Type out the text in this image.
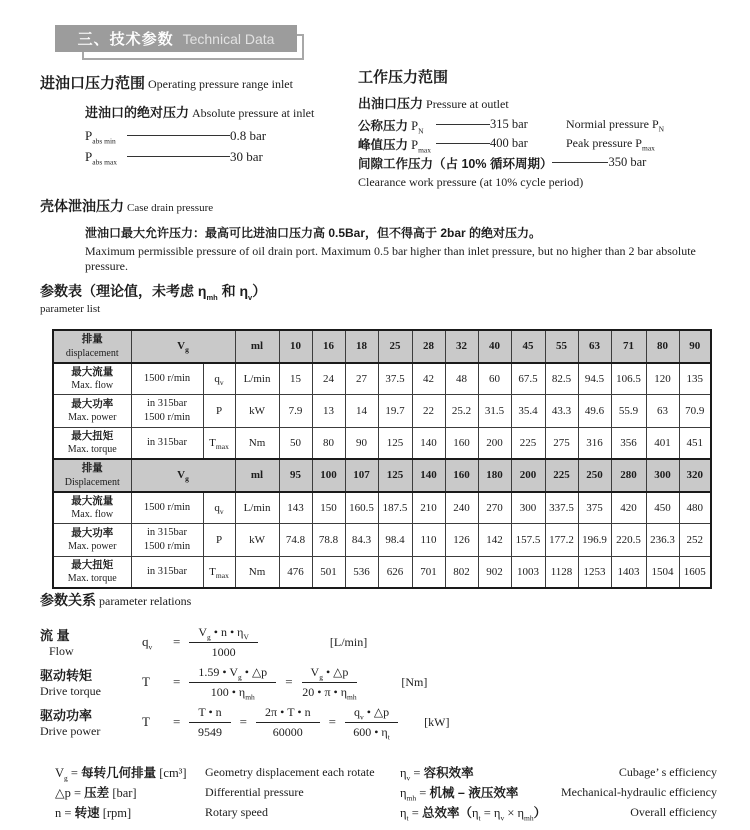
三、技术参数 Technical Data
进油口压力范围 Operating pressure range inlet
进油口的绝对压力 Absolute pressure at inlet
$P_{abs min}$	0.8 bar
$P_{abs max}$	30 bar
工作压力范围
出油口压力 Pressure at outlet
公称压力 $P_N$	315 bar	Normial pressure $P_N$
峰值压力 $P_{max}$	400 bar	Peak pressure $P_{max}$
间隙工作压力（占 10% 循环周期）	350 bar
Clearance work pressure (at 10% cycle period)
壳体泄油压力 Case drain pressure
泄油口最大允许压力：最高可比进油口压力高 0.5Bar，但不得高于 2bar 的绝对压力。
Maximum permissible pressure of oil drain port. Maximum 0.5 bar higher than inlet pressure, but no higher than 2 bar absolute pressure.
参数表（理论值，未考虑 $\eta_{mh}$ 和 $\eta_v$）
parameter list
排量
displacement	$V_g$		ml	10	16	18	25	28	32	40	45	55	63	71	80	90

最大流量
Max. flow	1500 r/min	$q_v$	L/min	15	24	27	37.5	42	48	60	67.5	82.5	94.5	106.5	120	135

最大功率
Max. power

in 315bar
1500 r/min
	P	kW	7.9	13	14	19.7	22	25.2	31.5	35.4	43.3	49.6	55.9	63	70.9

最大扭矩
Max. torque	in 315bar	$T_{max}$	Nm	50	80	90	125	140	160	200	225	275	316	356	401	451

排量
Displacement	$V_g$		ml	95	100	107	125	140	160	180	200	225	250	280	300	320

最大流量
Max. flow	1500 r/min	$q_v$	L/min	143	150	160.5	187.5	210	240	270	300	337.5	375	420	450	480

最大功率
Max. power

in 315bar
1500 r/min
	P	kW	74.8	78.8	84.3	98.4	110	126	142	157.5	177.2	196.9	220.5	236.3	252

最大扭矩
Max. torque	in 315bar	$T_{max}$	Nm	476	501	536	626	701	802	902	1003	1128	1253	1403	1504	1605
参数关系 parameter relations
流 量
Flow
$q_v$	= $\frac{V_g • n • \eta_V}{1000}$	[L/min]
驱动转矩
Drive torque
T	= $\frac{1.59 • V_g • \triangle p}{100 • \eta_{mh}} = \frac{V_g • \triangle p}{20 • \pi • \eta_{mh}}$	[Nm]
驱动功率
Drive power
T	= $\frac{T • n}{9549} = \frac{2\pi • T • n}{60000} = \frac{q_v • \triangle p}{600 • \eta_t} [kW]$
$V_g$ = 每转几何排量 [cm³]	Geometry displacement each rotate
△p = 压差 [bar]	Differential pressure
n = 转速 [rpm]	Rotary speed
$\eta_v$ = 容积效率	Cubage’ s efficiency
$\eta_{mh}$ = 机械 – 液压效率	Mechanical-hydraulic efficiency
$\eta_t$ = 总效率$(\eta_t = \eta_v \times \eta_{mh})$	Overall efficiency
